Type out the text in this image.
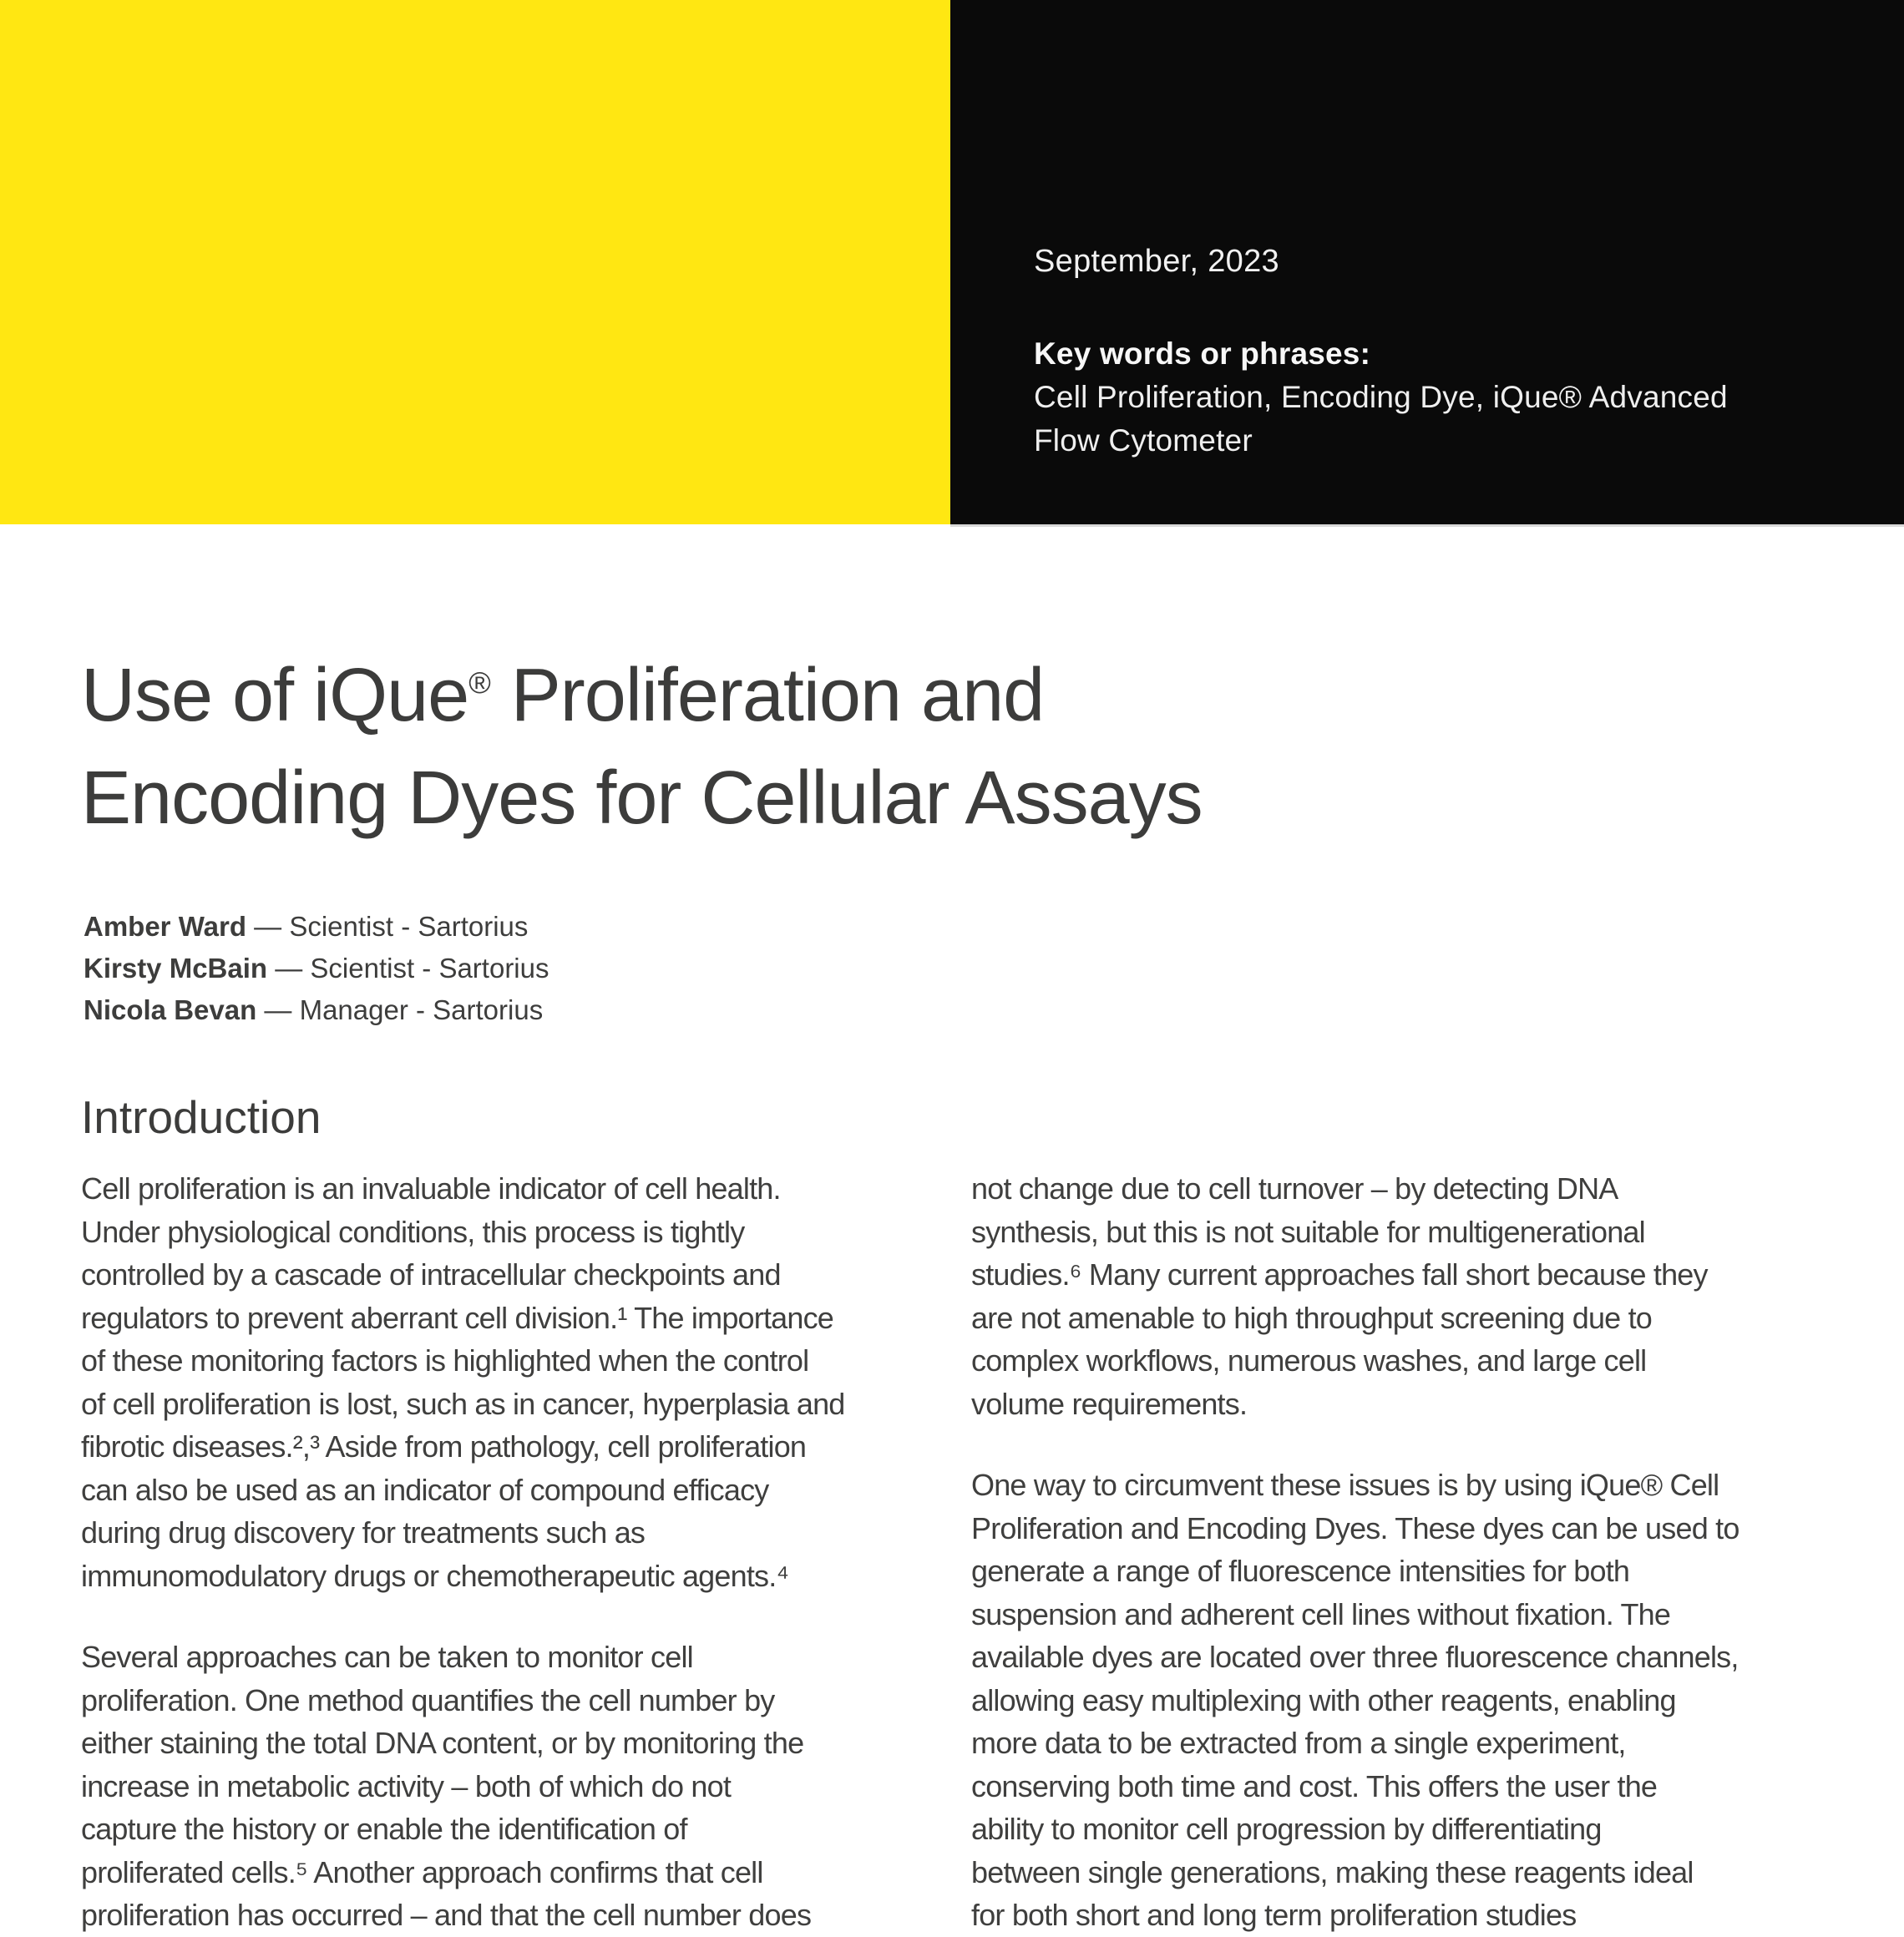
September, 2023
Key words or phrases:
Cell Proliferation, Encoding Dye, iQue® Advanced
Flow Cytometer
Use of iQue® Proliferation and
Encoding Dyes for Cellular Assays
Amber Ward — Scientist - Sartorius
Kirsty McBain — Scientist - Sartorius
Nicola Bevan — Manager - Sartorius
Introduction
Cell proliferation is an invaluable indicator of cell health.
Under physiological conditions, this process is tightly
controlled by a cascade of intracellular checkpoints and
regulators to prevent aberrant cell division.¹ The importance
of these monitoring factors is highlighted when the control
of cell proliferation is lost, such as in cancer, hyperplasia and
fibrotic diseases.²,³ Aside from pathology, cell proliferation
can also be used as an indicator of compound efficacy
during drug discovery for treatments such as
immunomodulatory drugs or chemotherapeutic agents.⁴
Several approaches can be taken to monitor cell
proliferation. One method quantifies the cell number by
either staining the total DNA content, or by monitoring the
increase in metabolic activity – both of which do not
capture the history or enable the identification of
proliferated cells.⁵ Another approach confirms that cell
proliferation has occurred – and that the cell number does
not change due to cell turnover – by detecting DNA
synthesis, but this is not suitable for multigenerational
studies.⁶ Many current approaches fall short because they
are not amenable to high throughput screening due to
complex workflows, numerous washes, and large cell
volume requirements.
One way to circumvent these issues is by using iQue® Cell
Proliferation and Encoding Dyes. These dyes can be used to
generate a range of fluorescence intensities for both
suspension and adherent cell lines without fixation. The
available dyes are located over three fluorescence channels,
allowing easy multiplexing with other reagents, enabling
more data to be extracted from a single experiment,
conserving both time and cost. This offers the user the
ability to monitor cell progression by differentiating
between single generations, making these reagents ideal
for both short and long term proliferation studies
